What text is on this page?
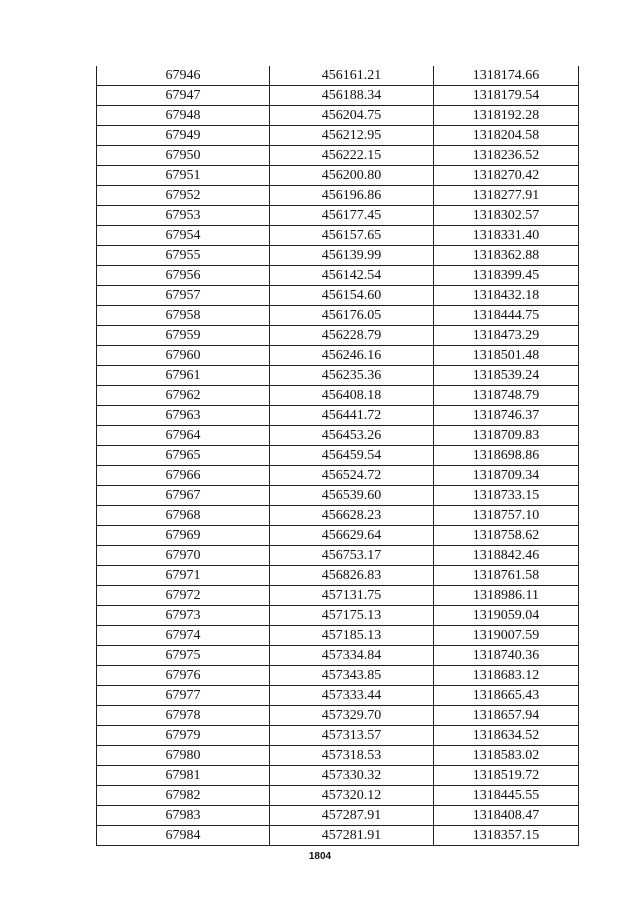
67946	456161.21	1318174.66
67947	456188.34	1318179.54
67948	456204.75	1318192.28
67949	456212.95	1318204.58
67950	456222.15	1318236.52
67951	456200.80	1318270.42
67952	456196.86	1318277.91
67953	456177.45	1318302.57
67954	456157.65	1318331.40
67955	456139.99	1318362.88
67956	456142.54	1318399.45
67957	456154.60	1318432.18
67958	456176.05	1318444.75
67959	456228.79	1318473.29
67960	456246.16	1318501.48
67961	456235.36	1318539.24
67962	456408.18	1318748.79
67963	456441.72	1318746.37
67964	456453.26	1318709.83
67965	456459.54	1318698.86
67966	456524.72	1318709.34
67967	456539.60	1318733.15
67968	456628.23	1318757.10
67969	456629.64	1318758.62
67970	456753.17	1318842.46
67971	456826.83	1318761.58
67972	457131.75	1318986.11
67973	457175.13	1319059.04
67974	457185.13	1319007.59
67975	457334.84	1318740.36
67976	457343.85	1318683.12
67977	457333.44	1318665.43
67978	457329.70	1318657.94
67979	457313.57	1318634.52
67980	457318.53	1318583.02
67981	457330.32	1318519.72
67982	457320.12	1318445.55
67983	457287.91	1318408.47
67984	457281.91	1318357.15
1804
